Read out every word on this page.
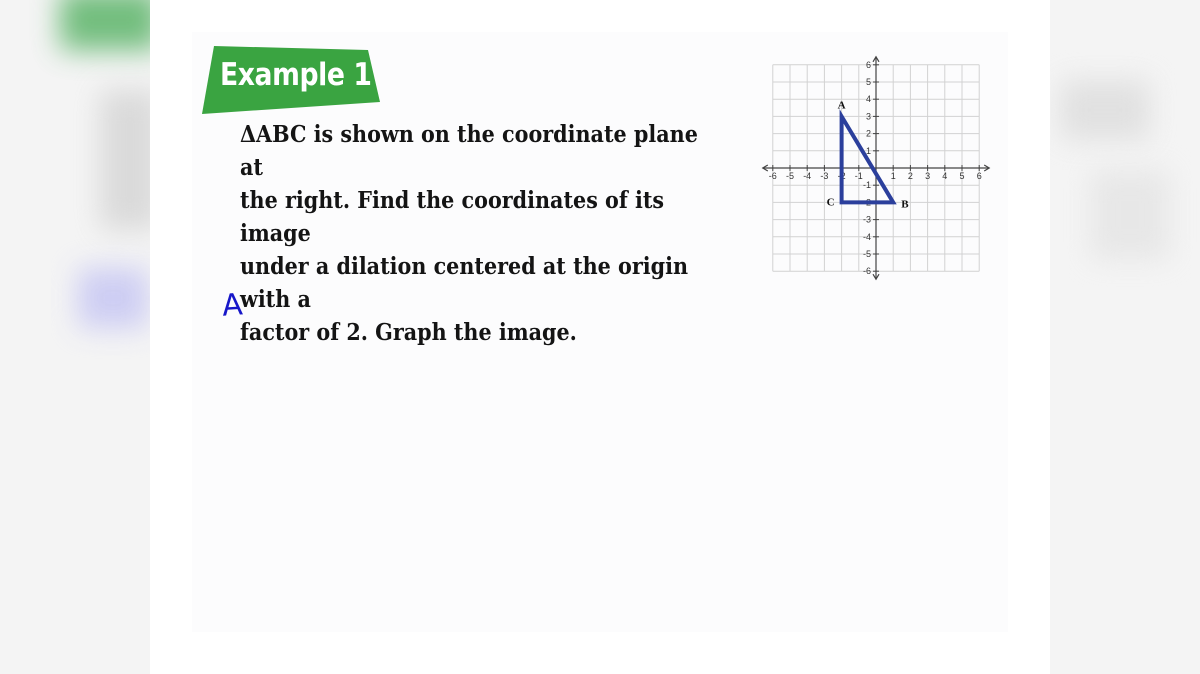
Example 1

ΔABC is shown on the coordinate plane at
the right. Find the coordinates of its image
under a dilation centered at the origin with a
factor of 2. Graph the image.

-6 -5 -4 -3 -2 -1	1 2 3 4 5 6
6
5
4
3
2
1
-1
-2
-3
-4
-5
-6
A
B
C
A
